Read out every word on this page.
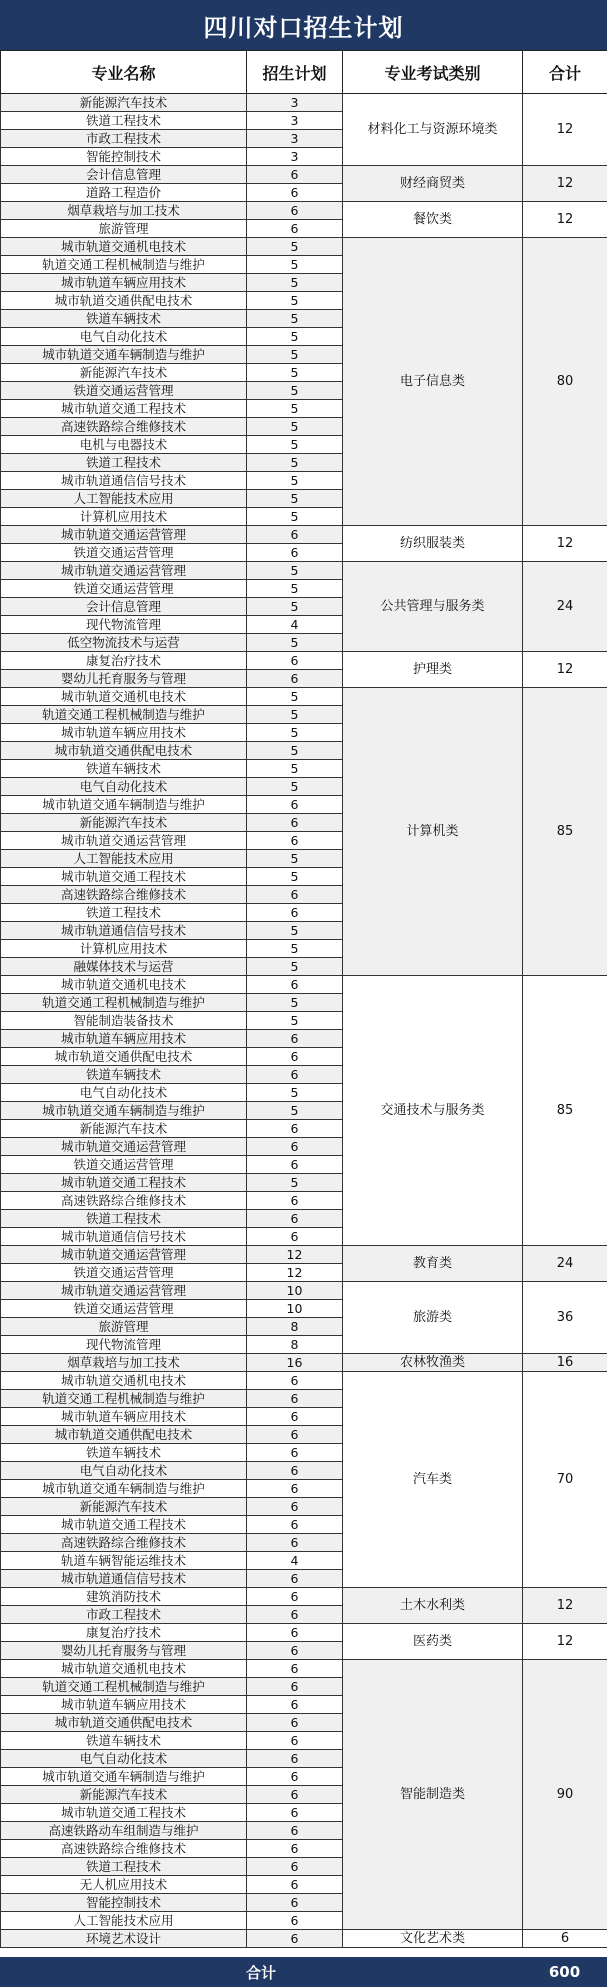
四川对口招生计划
专业名称	招生计划	专业考试类别	合计
新能源汽车技术	3	材料化工与资源环境类	12
铁道工程技术	3		
市政工程技术	3		
智能控制技术	3		
会计信息管理	6	财经商贸类	12
道路工程造价	6		
烟草栽培与加工技术	6	餐饮类	12
旅游管理	6		
城市轨道交通机电技术	5	电子信息类	80
轨道交通工程机械制造与维护	5		
城市轨道车辆应用技术	5		
城市轨道交通供配电技术	5		
铁道车辆技术	5		
电气自动化技术	5		
城市轨道交通车辆制造与维护	5		
新能源汽车技术	5		
铁道交通运营管理	5		
城市轨道交通工程技术	5		
高速铁路综合维修技术	5		
电机与电器技术	5		
铁道工程技术	5		
城市轨道通信信号技术	5		
人工智能技术应用	5		
计算机应用技术	5		
城市轨道交通运营管理	6	纺织服装类	12
铁道交通运营管理	6		
城市轨道交通运营管理	5	公共管理与服务类	24
铁道交通运营管理	5		
会计信息管理	5		
现代物流管理	4		
低空物流技术与运营	5		
康复治疗技术	6	护理类	12
婴幼儿托育服务与管理	6		
城市轨道交通机电技术	5	计算机类	85
轨道交通工程机械制造与维护	5		
城市轨道车辆应用技术	5		
城市轨道交通供配电技术	5		
铁道车辆技术	5		
电气自动化技术	5		
城市轨道交通车辆制造与维护	6		
新能源汽车技术	6		
城市轨道交通运营管理	6		
人工智能技术应用	5		
城市轨道交通工程技术	5		
高速铁路综合维修技术	6		
铁道工程技术	6		
城市轨道通信信号技术	5		
计算机应用技术	5		
融媒体技术与运营	5		
城市轨道交通机电技术	6	交通技术与服务类	85
轨道交通工程机械制造与维护	5		
智能制造装备技术	5		
城市轨道车辆应用技术	6		
城市轨道交通供配电技术	6		
铁道车辆技术	6		
电气自动化技术	5		
城市轨道交通车辆制造与维护	5		
新能源汽车技术	6		
城市轨道交通运营管理	6		
铁道交通运营管理	6		
城市轨道交通工程技术	5		
高速铁路综合维修技术	6		
铁道工程技术	6		
城市轨道通信信号技术	6		
城市轨道交通运营管理	12	教育类	24
铁道交通运营管理	12		
城市轨道交通运营管理	10	旅游类	36
铁道交通运营管理	10		
旅游管理	8		
现代物流管理	8		
烟草栽培与加工技术	16	农林牧渔类	16
城市轨道交通机电技术	6	汽车类	70
轨道交通工程机械制造与维护	6		
城市轨道车辆应用技术	6		
城市轨道交通供配电技术	6		
铁道车辆技术	6		
电气自动化技术	6		
城市轨道交通车辆制造与维护	6		
新能源汽车技术	6		
城市轨道交通工程技术	6		
高速铁路综合维修技术	6		
轨道车辆智能运维技术	4		
城市轨道通信信号技术	6		
建筑消防技术	6	土木水利类	12
市政工程技术	6		
康复治疗技术	6	医药类	12
婴幼儿托育服务与管理	6		
城市轨道交通机电技术	6	智能制造类	90
轨道交通工程机械制造与维护	6		
城市轨道车辆应用技术	6		
城市轨道交通供配电技术	6		
铁道车辆技术	6		
电气自动化技术	6		
城市轨道交通车辆制造与维护	6		
新能源汽车技术	6		
城市轨道交通工程技术	6		
高速铁路动车组制造与维护	6		
高速铁路综合维修技术	6		
铁道工程技术	6		
无人机应用技术	6		
智能控制技术	6		
人工智能技术应用	6		
环境艺术设计	6	文化艺术类	6
合计	600
